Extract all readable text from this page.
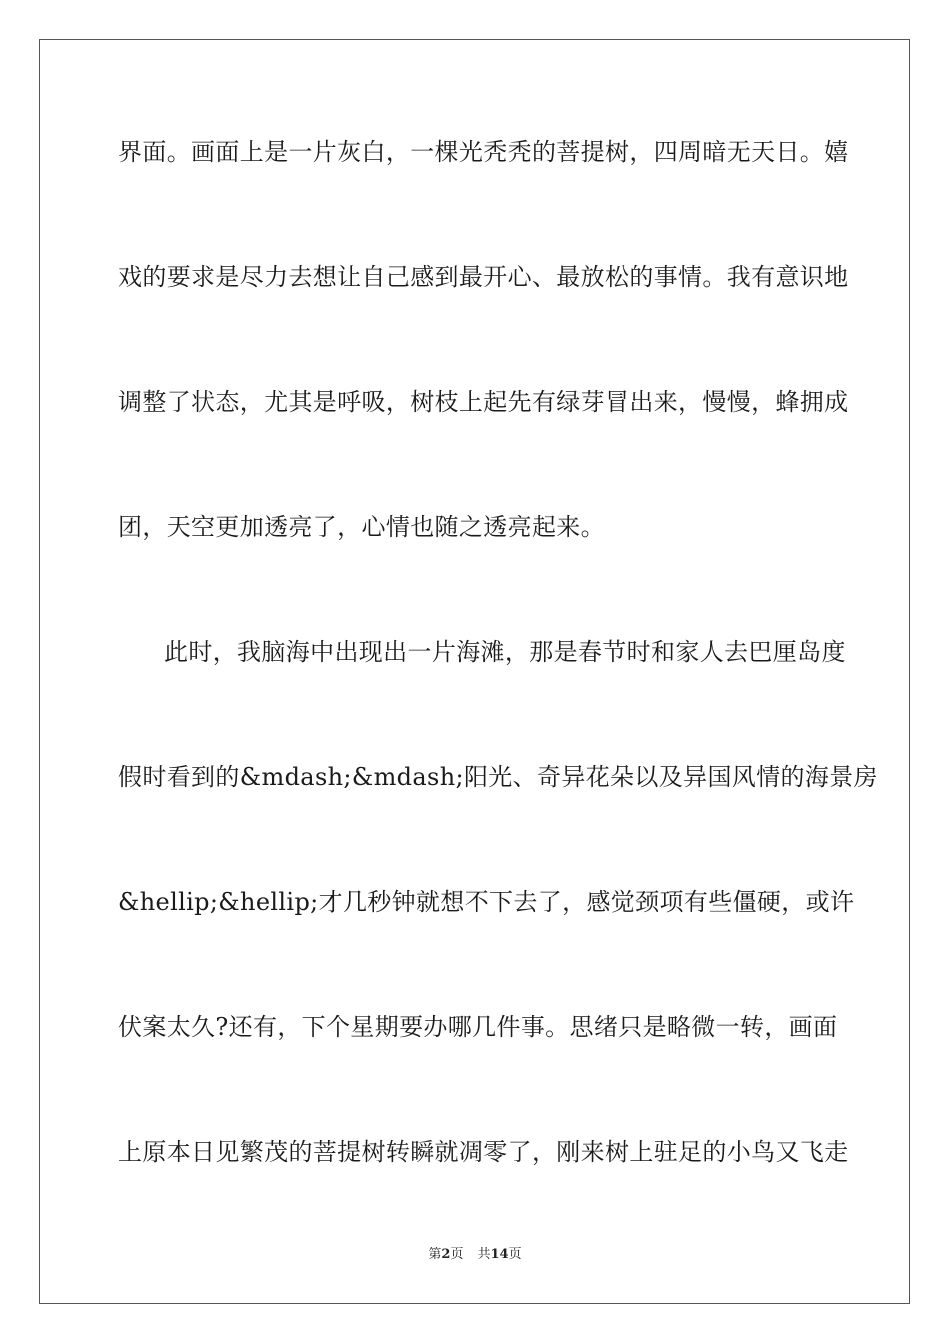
界面。画面上是一片灰白，一棵光秃秃的菩提树，四周暗无天日。嬉
戏的要求是尽力去想让自己感到最开心、最放松的事情。我有意识地
调整了状态，尤其是呼吸，树枝上起先有绿芽冒出来，慢慢，蜂拥成
团，天空更加透亮了，心情也随之透亮起来。
此时，我脑海中出现出一片海滩，那是春节时和家人去巴厘岛度
假时看到的&mdash;&mdash;阳光、奇异花朵以及异国风情的海景房
&hellip;&hellip;才几秒钟就想不下去了，感觉颈项有些僵硬，或许
伏案太久?还有，下个星期要办哪几件事。思绪只是略微一转，画面
上原本日见繁茂的菩提树转瞬就凋零了，刚来树上驻足的小鸟又飞走
第2页 共14页
